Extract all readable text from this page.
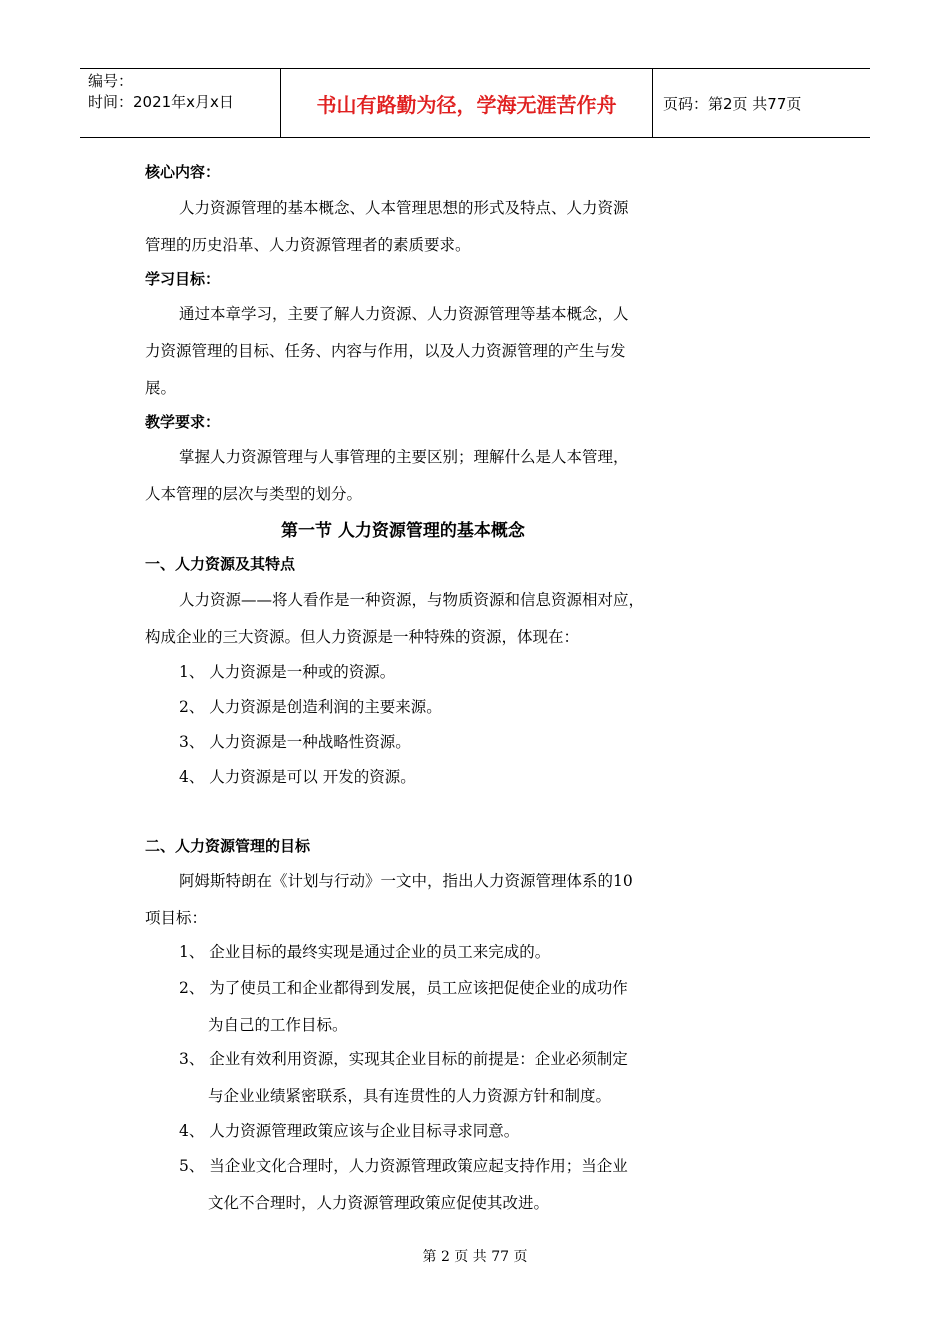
编号：
时间：2021年x月x日	书山有路勤为径，学海无涯苦作舟	页码：第2页 共77页
核心内容：
人力资源管理的基本概念、人本管理思想的形式及特点、人力资源
管理的历史沿革、人力资源管理者的素质要求。
学习目标：
通过本章学习，主要了解人力资源、人力资源管理等基本概念，人
力资源管理的目标、任务、内容与作用，以及人力资源管理的产生与发
展。
教学要求：
掌握人力资源管理与人事管理的主要区别；理解什么是人本管理，
人本管理的层次与类型的划分。
第一节 人力资源管理的基本概念
一、人力资源及其特点
人力资源——将人看作是一种资源，与物质资源和信息资源相对应，
构成企业的三大资源。但人力资源是一种特殊的资源，体现在：
1、 人力资源是一种或的资源。
2、 人力资源是创造利润的主要来源。
3、 人力资源是一种战略性资源。
4、 人力资源是可以 开发的资源。
二、人力资源管理的目标
阿姆斯特朗在《计划与行动》一文中，指出人力资源管理体系的10
项目标：
1、 企业目标的最终实现是通过企业的员工来完成的。
2、 为了使员工和企业都得到发展，员工应该把促使企业的成功作
为自己的工作目标。
3、 企业有效利用资源，实现其企业目标的前提是：企业必须制定
与企业业绩紧密联系，具有连贯性的人力资源方针和制度。
4、 人力资源管理政策应该与企业目标寻求同意。
5、 当企业文化合理时，人力资源管理政策应起支持作用；当企业
文化不合理时，人力资源管理政策应促使其改进。
第 2 页 共 77 页
